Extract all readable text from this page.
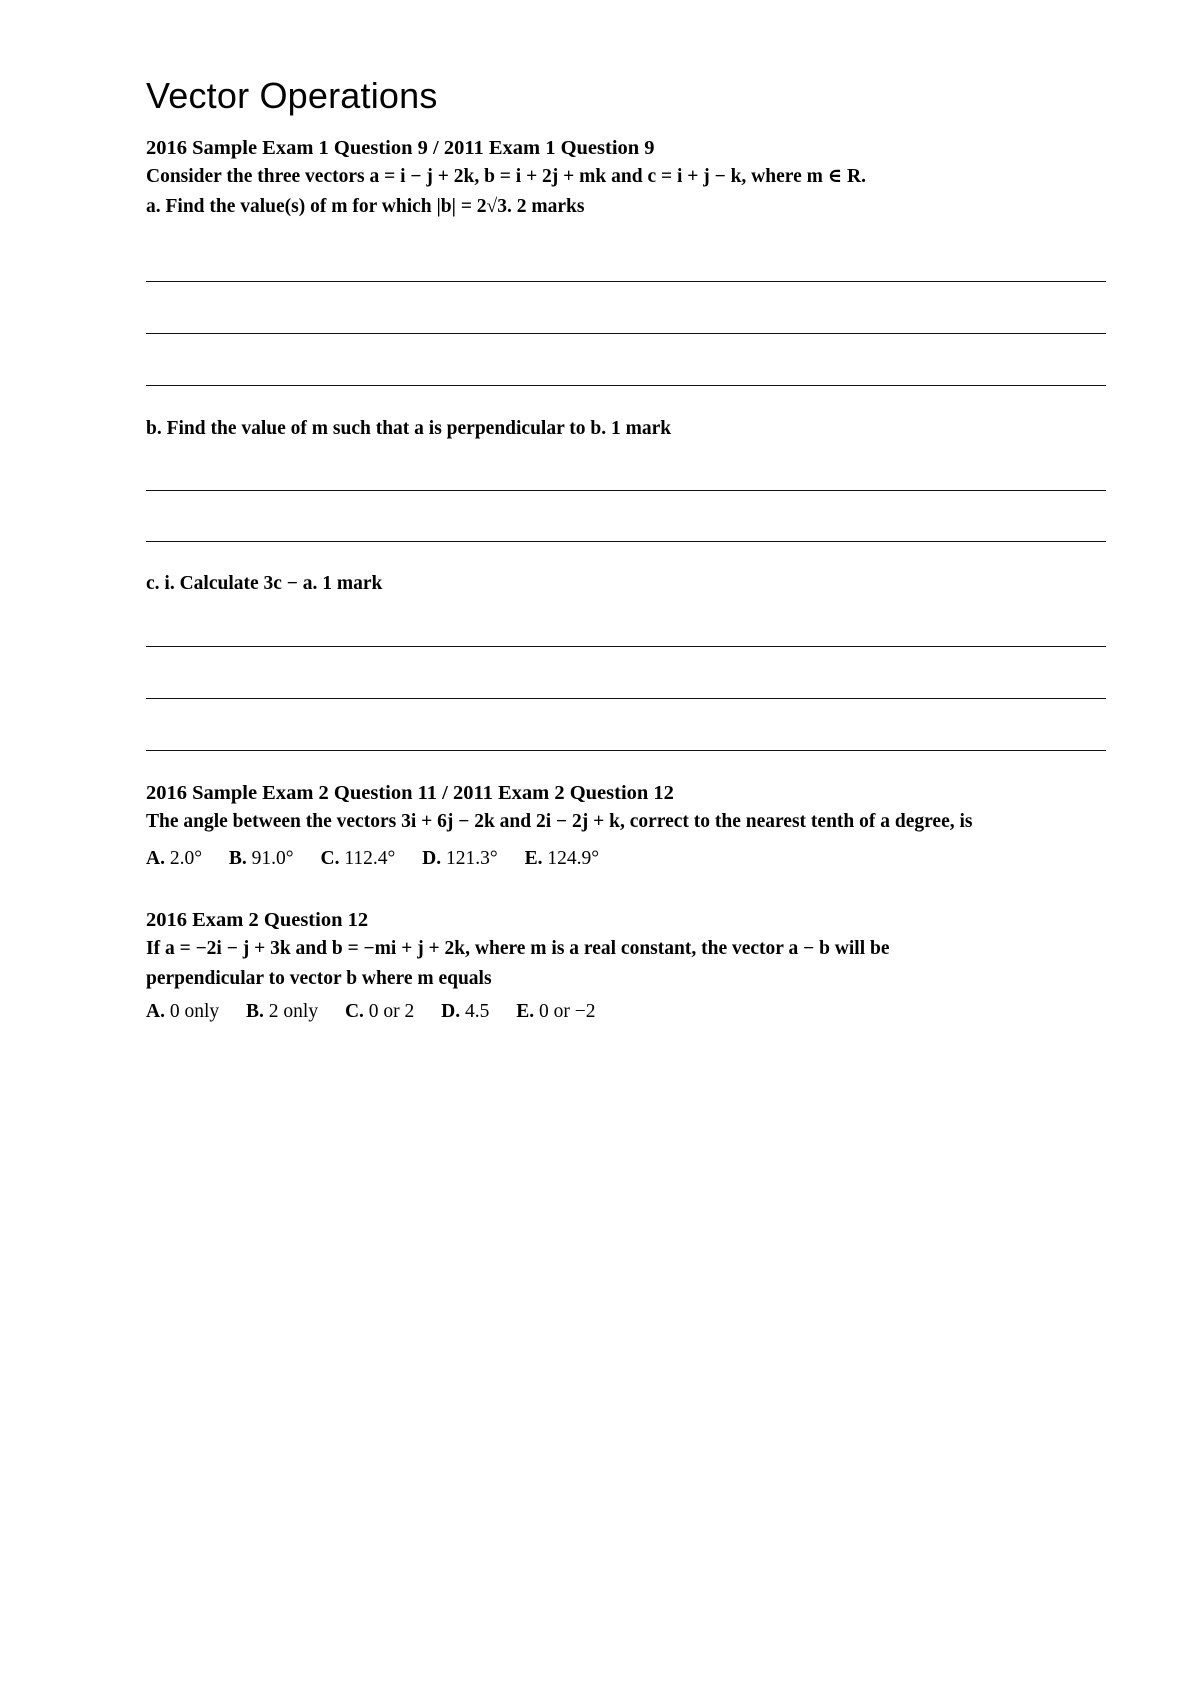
Vector Operations
2016 Sample Exam 1 Question 9 / 2011 Exam 1 Question 9
Consider the three vectors a = i − j + 2k, b = i + 2j + mk and c = i + j − k, where m ∈ R.
a. Find the value(s) of m for which |b| = 2√3. 2 marks
b. Find the value of m such that a is perpendicular to b. 1 mark
c. i. Calculate 3c − a. 1 mark
2016 Sample Exam 2 Question 11 / 2011 Exam 2 Question 12
The angle between the vectors 3i + 6j − 2k and 2i − 2j + k, correct to the nearest tenth of a degree, is
A. 2.0° B. 91.0° C. 112.4° D. 121.3° E. 124.9°
2016 Exam 2 Question 12
If a = −2i − j + 3k and b = −mi + j + 2k, where m is a real constant, the vector a − b will be
perpendicular to vector b where m equals
A. 0 only B. 2 only C. 0 or 2 D. 4.5 E. 0 or −2
